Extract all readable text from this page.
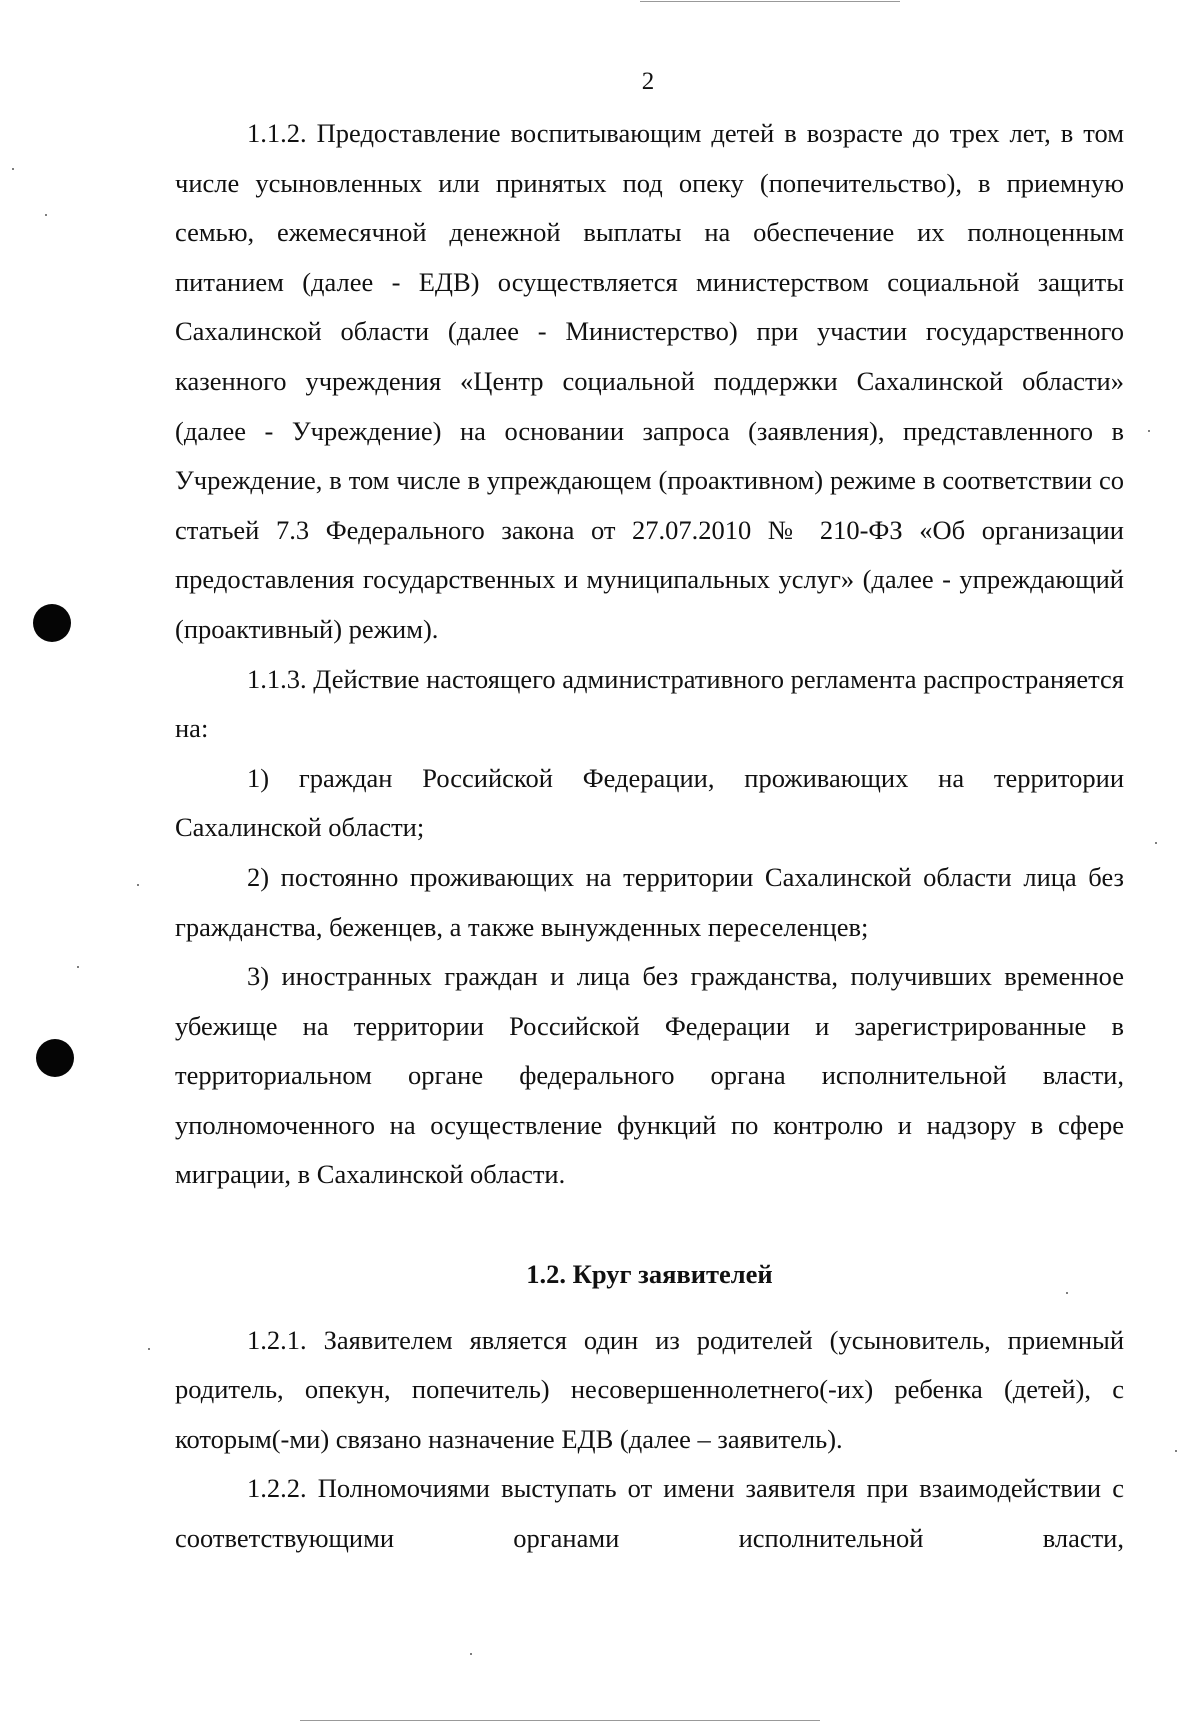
2

1.1.2. Предоставление воспитывающим детей в возрасте до трех лет, в том числе усыновленных или принятых под опеку (попечительство), в приемную семью, ежемесячной денежной выплаты на обеспечение их полноценным питанием (далее - ЕДВ) осуществляется министерством социальной защиты Сахалинской области (далее - Министерство) при участии государственного казенного учреждения «Центр социальной поддержки Сахалинской области» (далее - Учреждение) на основании запроса (заявления), представленного в Учреждение, в том числе в упреждающем (проактивном) режиме в соответствии со статьей 7.3 Федерального закона от 27.07.2010 № 210-ФЗ «Об организации предоставления государственных и муниципальных услуг» (далее - упреждающий (проактивный) режим).

1.1.3. Действие настоящего административного регламента распространяется на:

1) граждан Российской Федерации, проживающих на территории Сахалинской области;

2) постоянно проживающих на территории Сахалинской области лица без гражданства, беженцев, а также вынужденных переселенцев;

3) иностранных граждан и лица без гражданства, получивших временное убежище на территории Российской Федерации и зарегистрированные в территориальном органе федерального органа исполнительной власти, уполномоченного на осуществление функций по контролю и надзору в сфере миграции, в Сахалинской области.

1.2. Круг заявителей

1.2.1. Заявителем является один из родителей (усыновитель, приемный родитель, опекун, попечитель) несовершеннолетнего(-их) ребенка (детей), с которым(-ми) связано назначение ЕДВ (далее – заявитель).

1.2.2. Полномочиями выступать от имени заявителя при взаимодействии с соответствующими органами исполнительной власти,
